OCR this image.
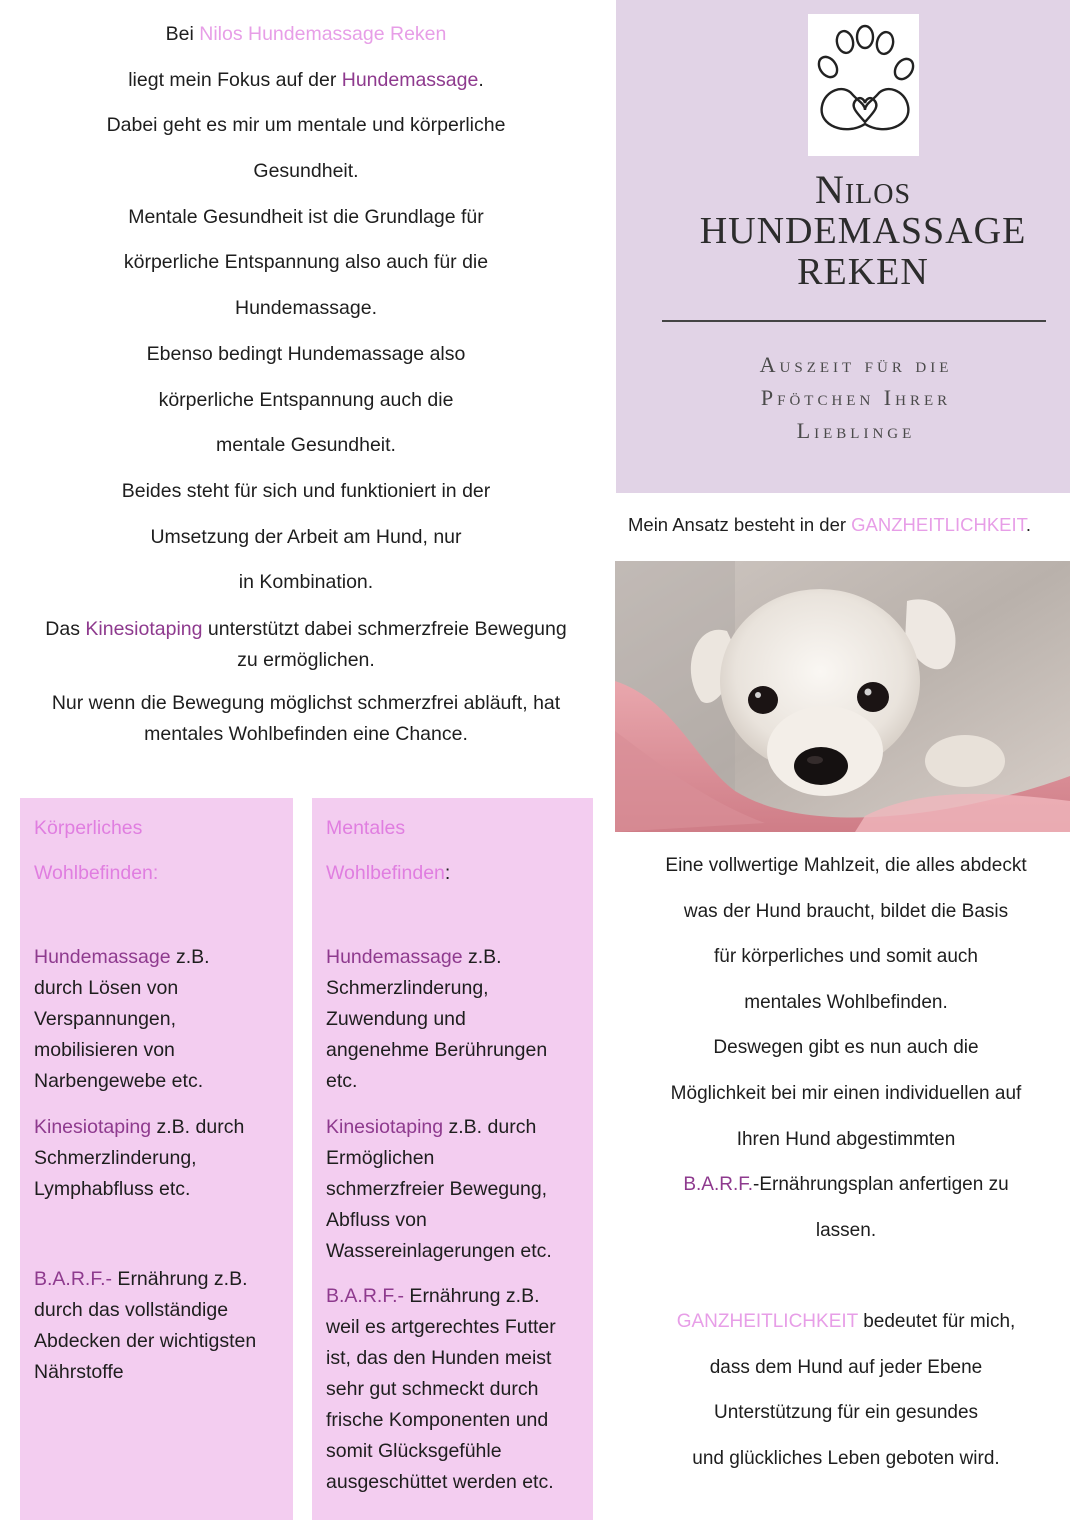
Bei Nilos Hundemassage Reken
liegt mein Fokus auf der Hundemassage.
Dabei geht es mir um mentale und körperliche
Gesundheit.
Mentale Gesundheit ist die Grundlage für
körperliche Entspannung also auch für die
Hundemassage.
Ebenso bedingt Hundemassage also
körperliche Entspannung auch die
mentale Gesundheit.
Beides steht für sich und funktioniert in der
Umsetzung der Arbeit am Hund, nur
in Kombination.
Das Kinesiotaping unterstützt dabei schmerzfreie Bewegung
zu ermöglichen.
Nur wenn die Bewegung möglichst schmerzfrei abläuft, hat
mentales Wohlbefinden eine Chance.
Körperliches
Wohlbefinden:

Hundemassage z.B.
durch Lösen von
Verspannungen,
mobilisieren von
Narbengewebe etc.

Kinesiotaping z.B. durch
Schmerzlinderung,
Lymphabfluss etc.

B.A.R.F.- Ernährung z.B.
durch das vollständige
Abdecken der wichtigsten
Nährstoffe

Mentales
Wohlbefinden:

Hundemassage z.B.
Schmerzlinderung,
Zuwendung und
angenehme Berührungen
etc.

Kinesiotaping z.B. durch
Ermöglichen
schmerzfreier Bewegung,
Abfluss von
Wassereinlagerungen etc.

B.A.R.F.- Ernährung z.B.
weil es artgerechtes Futter
ist, das den Hunden meist
sehr gut schmeckt durch
frische Komponenten und
somit Glücksgefühle
ausgeschüttet werden etc.

Nilos
HUNDEMASSAGE
REKEN
Auszeit für die
Pfötchen Ihrer
Lieblinge
Mein Ansatz besteht in der GANZHEITLICHKEIT.
Eine vollwertige Mahlzeit, die alles abdeckt
was der Hund braucht, bildet die Basis
für körperliches und somit auch
mentales Wohlbefinden.
Deswegen gibt es nun auch die
Möglichkeit bei mir einen individuellen auf
Ihren Hund abgestimmten
B.A.R.F.-Ernährungsplan anfertigen zu
lassen.
GANZHEITLICHKEIT bedeutet für mich,
dass dem Hund auf jeder Ebene
Unterstützung für ein gesundes
und glückliches Leben geboten wird.
